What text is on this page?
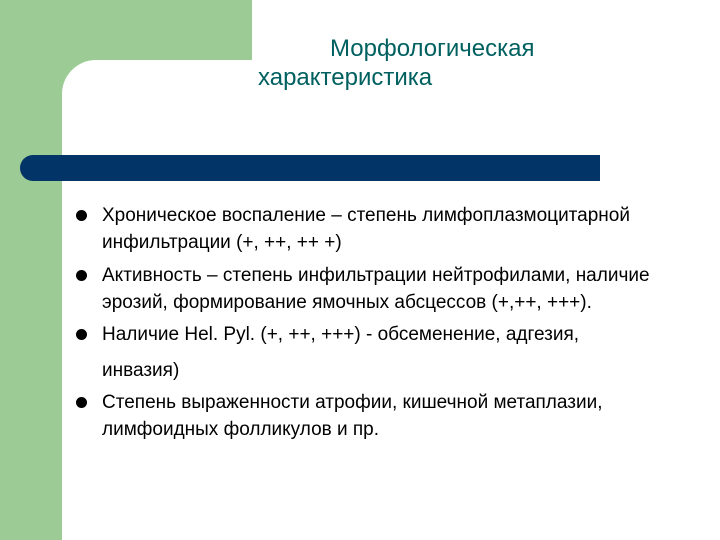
Морфологическая характеристика
Хроническое воспаление – степень лимфоплазмоцитарной инфильтрации (+, ++, ++ +)
Активность – степень инфильтрации нейтрофилами, наличие эрозий, формирование ямочных абсцессов (+,++, +++).
Наличие Hel. Pyl. (+, ++, +++) - обсеменение, адгезия, инвазия)
Степень выраженности атрофии, кишечной метаплазии, лимфоидных фолликулов и пр.
